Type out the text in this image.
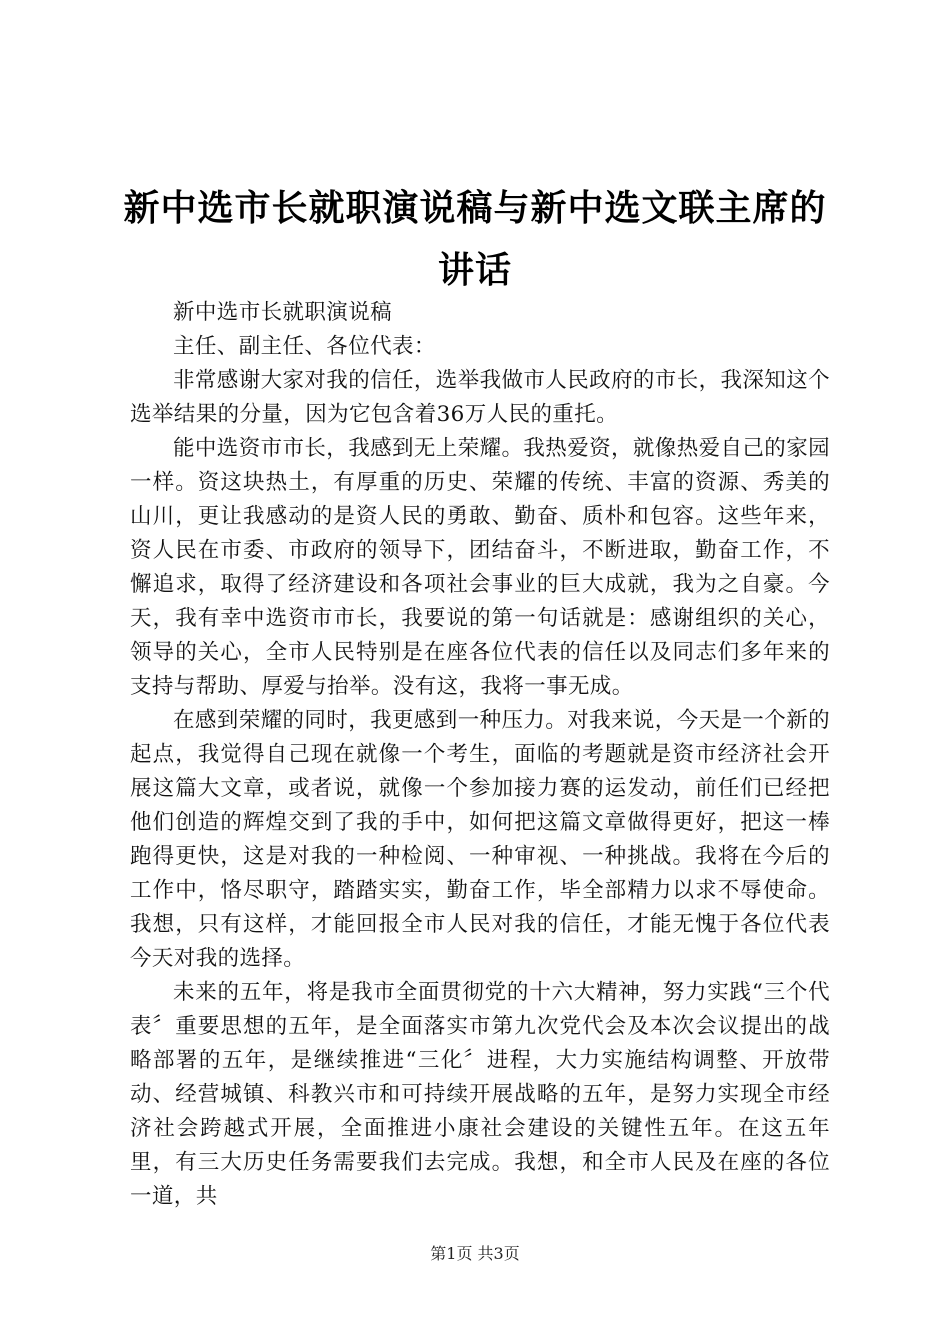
新中选市长就职演说稿与新中选文联主席的讲话

新中选市长就职演说稿

主任、副主任、各位代表：

非常感谢大家对我的信任，选举我做市人民政府的市长，我深知这个选举结果的分量，因为它包含着36万人民的重托。

能中选资市市长，我感到无上荣耀。我热爱资，就像热爱自己的家园一样。资这块热土，有厚重的历史、荣耀的传统、丰富的资源、秀美的山川，更让我感动的是资人民的勇敢、勤奋、质朴和包容。这些年来，资人民在市委、市政府的领导下，团结奋斗，不断进取，勤奋工作，不懈追求，取得了经济建设和各项社会事业的巨大成就，我为之自豪。今天，我有幸中选资市市长，我要说的第一句话就是：感谢组织的关心，领导的关心，全市人民特别是在座各位代表的信任以及同志们多年来的支持与帮助、厚爱与抬举。没有这，我将一事无成。

在感到荣耀的同时，我更感到一种压力。对我来说，今天是一个新的起点，我觉得自己现在就像一个考生，面临的考题就是资市经济社会开展这篇大文章，或者说，就像一个参加接力赛的运发动，前任们已经把他们创造的辉煌交到了我的手中，如何把这篇文章做得更好，把这一棒跑得更快，这是对我的一种检阅、一种审视、一种挑战。我将在今后的工作中，恪尽职守，踏踏实实，勤奋工作，毕全部精力以求不辱使命。我想，只有这样，才能回报全市人民对我的信任，才能无愧于各位代表今天对我的选择。

未来的五年，将是我市全面贯彻党的十六大精神，努力实践“三个代表〞重要思想的五年，是全面落实市第九次党代会及本次会议提出的战略部署的五年，是继续推进“三化〞进程，大力实施结构调整、开放带动、经营城镇、科教兴市和可持续开展战略的五年，是努力实现全市经济社会跨越式开展，全面推进小康社会建设的关键性五年。在这五年里，有三大历史任务需要我们去完成。我想，和全市人民及在座的各位一道，共

第1页 共3页
